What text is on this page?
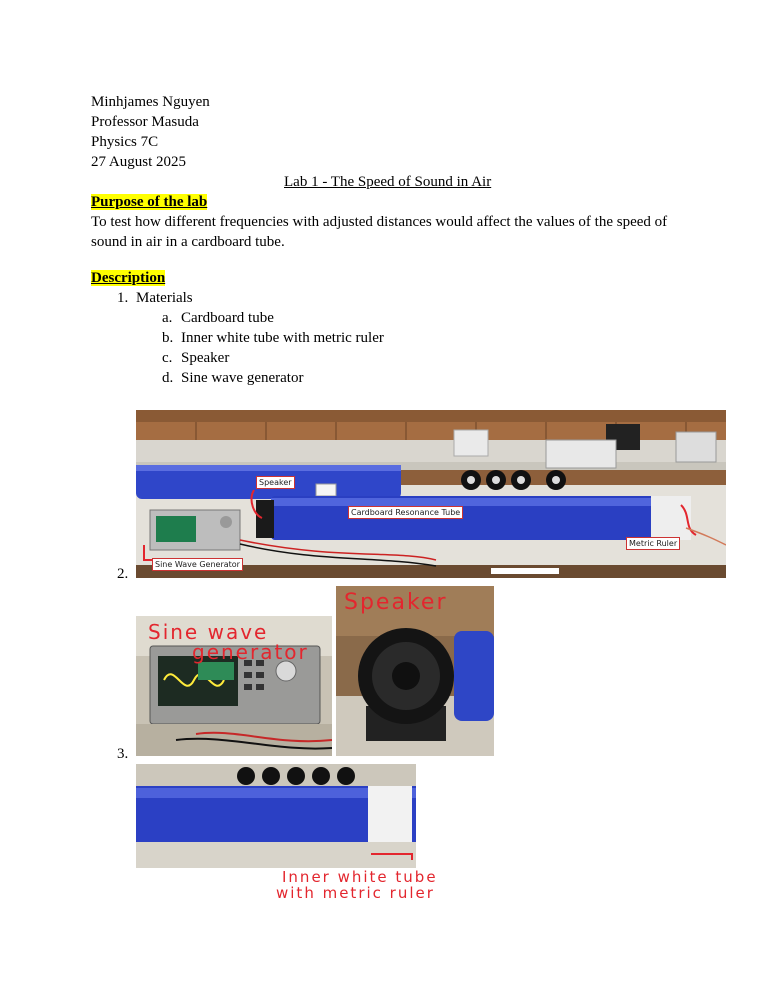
Minhjames Nguyen
Professor Masuda
Physics 7C
27 August 2025
Lab 1 - The Speed of Sound in Air
Purpose of the lab
To test how different frequencies with adjusted distances would affect the values of the speed of sound in air in a cardboard tube.
Description
1. Materials
a. Cardboard tube
b. Inner white tube with metric ruler
c. Speaker
d. Sine wave generator
2.
Speaker
Cardboard Resonance Tube
Metric Ruler
Sine Wave Generator
3.
Sine wave
generator
Speaker
Inner white tube
with metric ruler
